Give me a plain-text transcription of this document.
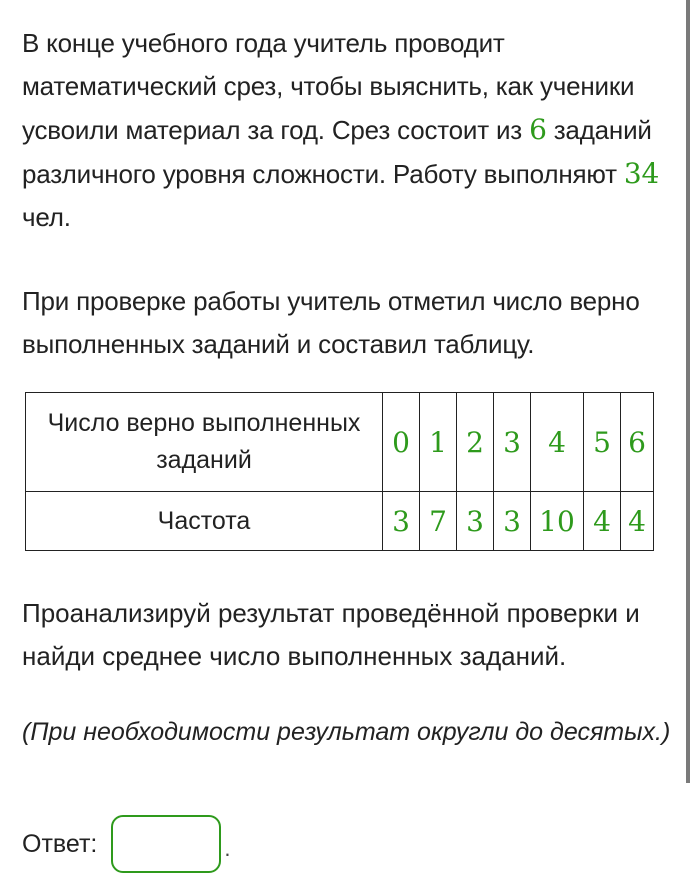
В конце учебного года учитель проводит математический срез, чтобы выяснить, как ученики усвоили материал за год. Срез состоит из 6 заданий различного уровня сложности. Работу выполняют 34 чел.

При проверке работы учитель отметил число верно выполненных заданий и составил таблицу.

Число верно выполненных заданий	0	1	2	3	4	5	6
Частота	3	7	3	3	10	4	4

Проанализируй результат проведённой проверки и найди среднее число выполненных заданий.

(При необходимости результат округли до десятых.)

Ответ:	.
